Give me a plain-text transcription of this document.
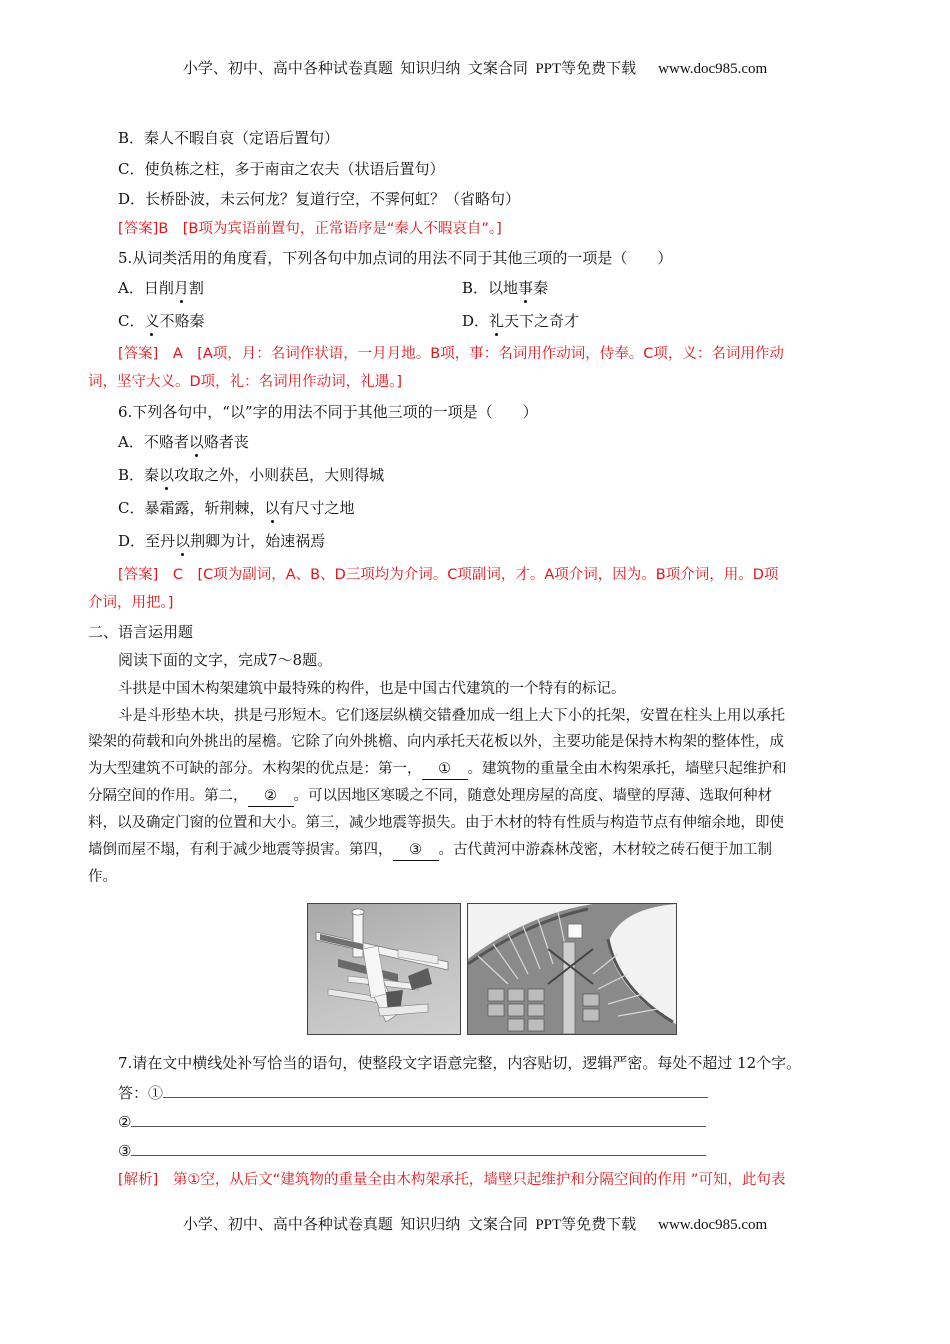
小学、初中、高中各种试卷真题  知识归纳  文案合同  PPT等免费下载 www.doc985.com
B．秦人不暇自哀（定语后置句）
C．使负栋之柱，多于南亩之农夫（状语后置句）
D．长桥卧波，未云何龙？复道行空，不霁何虹？（省略句）
[答案]B　[B项为宾语前置句，正常语序是“秦人不暇哀自”。]
5.从词类活用的角度看，下列各句中加点词的用法不同于其他三项的一项是（　　）
A．日削月割	B．以地事秦
C．义不赂秦	D．礼天下之奇才
[答案]　A　[A项，月：名词作状语，一月月地。B项，事：名词用作动词，侍奉。C项，义：名词用作动
词，坚守大义。D项，礼：名词用作动词，礼遇。]
6.下列各句中，“以”字的用法不同于其他三项的一项是（　　）
A．不赂者以赂者丧
B．秦以攻取之外，小则获邑，大则得城
C．暴霜露，斩荆棘，以有尺寸之地
D．至丹以荆卿为计，始速祸焉
[答案]　C　[C项为副词，A、B、D三项均为介词。C项副词，才。A项介词，因为。B项介词，用。D项
介词，用把。]
二、语言运用题
阅读下面的文字，完成7～8题。
斗拱是中国木构架建筑中最特殊的构件，也是中国古代建筑的一个特有的标记。
斗是斗形垫木块，拱是弓形短木。它们逐层纵横交错叠加成一组上大下小的托架，安置在柱头上用以承托
梁架的荷载和向外挑出的屋檐。它除了向外挑檐、向内承托天花板以外，主要功能是保持木构架的整体性，成
为大型建筑不可缺的部分。木构架的优点是：第一， ① 。建筑物的重量全由木构架承托，墙壁只起维护和
分隔空间的作用。第二， ② 。可以因地区寒暖之不同，随意处理房屋的高度、墙壁的厚薄、选取何种材
料，以及确定门窗的位置和大小。第三，减少地震等损失。由于木材的特有性质与构造节点有伸缩余地，即使
墙倒而屋不塌，有利于减少地震等损害。第四， ③ 。古代黄河中游森林茂密，木材较之砖石便于加工制
作。
7.请在文中横线处补写恰当的语句，使整段文字语意完整，内容贴切，逻辑严密。每处不超过 12个字。
答：①
②
③
[解析]　第①空，从后文“建筑物的重量全由木构架承托，墙壁只起维护和分隔空间的作用 ”可知，此句表
小学、初中、高中各种试卷真题  知识归纳  文案合同  PPT等免费下载 www.doc985.com
